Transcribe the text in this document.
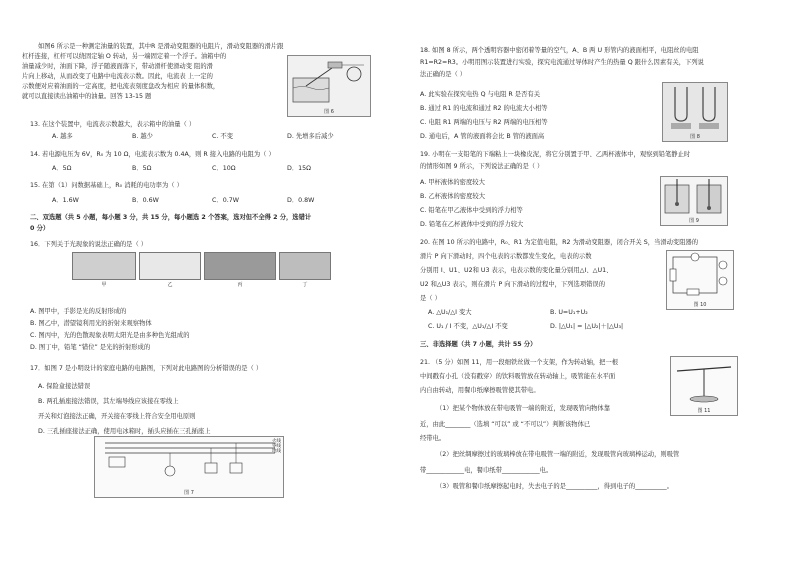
如图6 所示是一种测定油量的装置，其中R 是滑动变阻器的电阻片，滑动变阻器的滑片跟
杠杆连接，杠杆可以绕固定轴 O 转动，另一端固定着一个浮子。油箱中的
油量减少时，油面下降，浮子随液面落下，带动滑杆使滑动变 阻的滑
片向上移动，从而改变了电路中电流表示数。因此，电流表 上一定的
示数便对应着油面的一定高度，把电流表刻度盘改为相应 的量体积数，
就可以直接读出油箱中的油量。回答 13-15 题
图 6
13. 在这个装置中，电流表示数越大，表示箱中的油量（ ）
A. 越多	B. 越少	C. 不变	D. 先增多后减少
14. 若电源电压为 6V，R₀ 为 10 Ω，电流表示数为 0.4A，则 R 接入电路的电阻为（ ）
A．5Ω	B．5Ω	C．10Ω	D．15Ω
15. 在第（1）问数据基础上，R₀ 消耗的电功率为（ ）
A．1.6W	B．0.6W	C．0.7W	D．0.8W
二、双选题（共 5 小题，每小题 3 分，共 15 分，每小题选 2 个答案，选对但不全得 2 分，选错计
0 分）
16．下列关于光现象的说法正确的是（ ）
甲	乙	丙	丁
A. 图甲中，手影是光的反射形成的
B. 图乙中，潜望镜利用光的折射来观察物体
C. 图丙中，光的色散现象表明太阳光是由多种色光组成的
D. 图丁中，铅笔 “错位” 是光的折射形成的
17．如图 7 是小明设计的家庭电路的电路图，下列对此电路图的分析错误的是（ ）
A. 保险盒接法错误
B. 两孔插座接法错误，其左端导线应该接在零线上
开关和灯泡接法正确，开关接在零线上符合安全用电原则
D. 三孔插座接法正确，使用电冰箱时，插头应插在三孔插座上
火线
零线
地线
图 7
18. 如图 8 所示，两个透明容器中密闭着等量的空气，A、B 两 U 形管内的液面相平，电阻丝的电阻
R1=R2=R3。小明用图示装置进行实验，探究电流通过导体时产生的热量 Q 跟什么因素有关，下列说
法正确的是（ ）
A. 此实验在探究电热 Q 与电阻 R 是否有关
B. 通过 R1 的电流和通过 R2 的电流大小相等
C. 电阻 R1 两端的电压与 R2 两端的电压相等
D. 通电后，A 管的液面将会比 B 管的液面高	图 8
19. 小明在一支铅笔的下端粘上一块橡皮泥，将它分别置于甲、乙两杯液体中，观察到铅笔静止时
的情形如图 9 所示，下列说法正确的是（ ）
A. 甲杯液体的密度较大
B. 乙杯液体的密度较大
C. 铅笔在甲乙液体中受到的浮力相等
D. 铅笔在乙杯液体中受到的浮力较大	图 9
20. 在图 10 所示的电路中，R₀、R1 为定值电阻，R2 为滑动变阻器，闭合开关 S，当滑动变阻器的
滑片 P 向下滑动时，四个电表的示数都发生变化，电表的示数
分别用 I、U1、U2和 U3 表示，电表示数的变化量分别用△I、△U1、
U2 和△U3 表示，则在滑片 P 向下滑动的过程中，下列选项错误的
是（ ）
A. △U₁/△I 变大	B. U=U₁+U₂
C. U₁ / I 不变，△U₁/△I 不变	D. |△U₁| = |△U₂|＋|△U₃|
图 10
三、非选择题（共 7 小题，共计 55 分）
21. （5 分）如图 11，用一段细铁丝做一个支架，作为转动轴，把一根
中间戳有小孔（没有戳穿）的饮料吸管放在转动轴上，吸管能在水平面
内自由转动，用餐巾纸摩擦吸管使其带电。
图 11
（1）把某个物体放在带电吸管一端的附近，发现吸管向物体靠
近，由此________（选填 “可以” 或 “不可以”）判断该物体已
经带电。
（2）把丝绸摩擦过的玻璃棒放在带电吸管一端的附近，发现吸管向玻璃棒运动，则吸管
带____________电，餐巾纸带____________电。
（3）吸管和餐巾纸摩擦起电时，失去电子的是__________，得到电子的__________。
